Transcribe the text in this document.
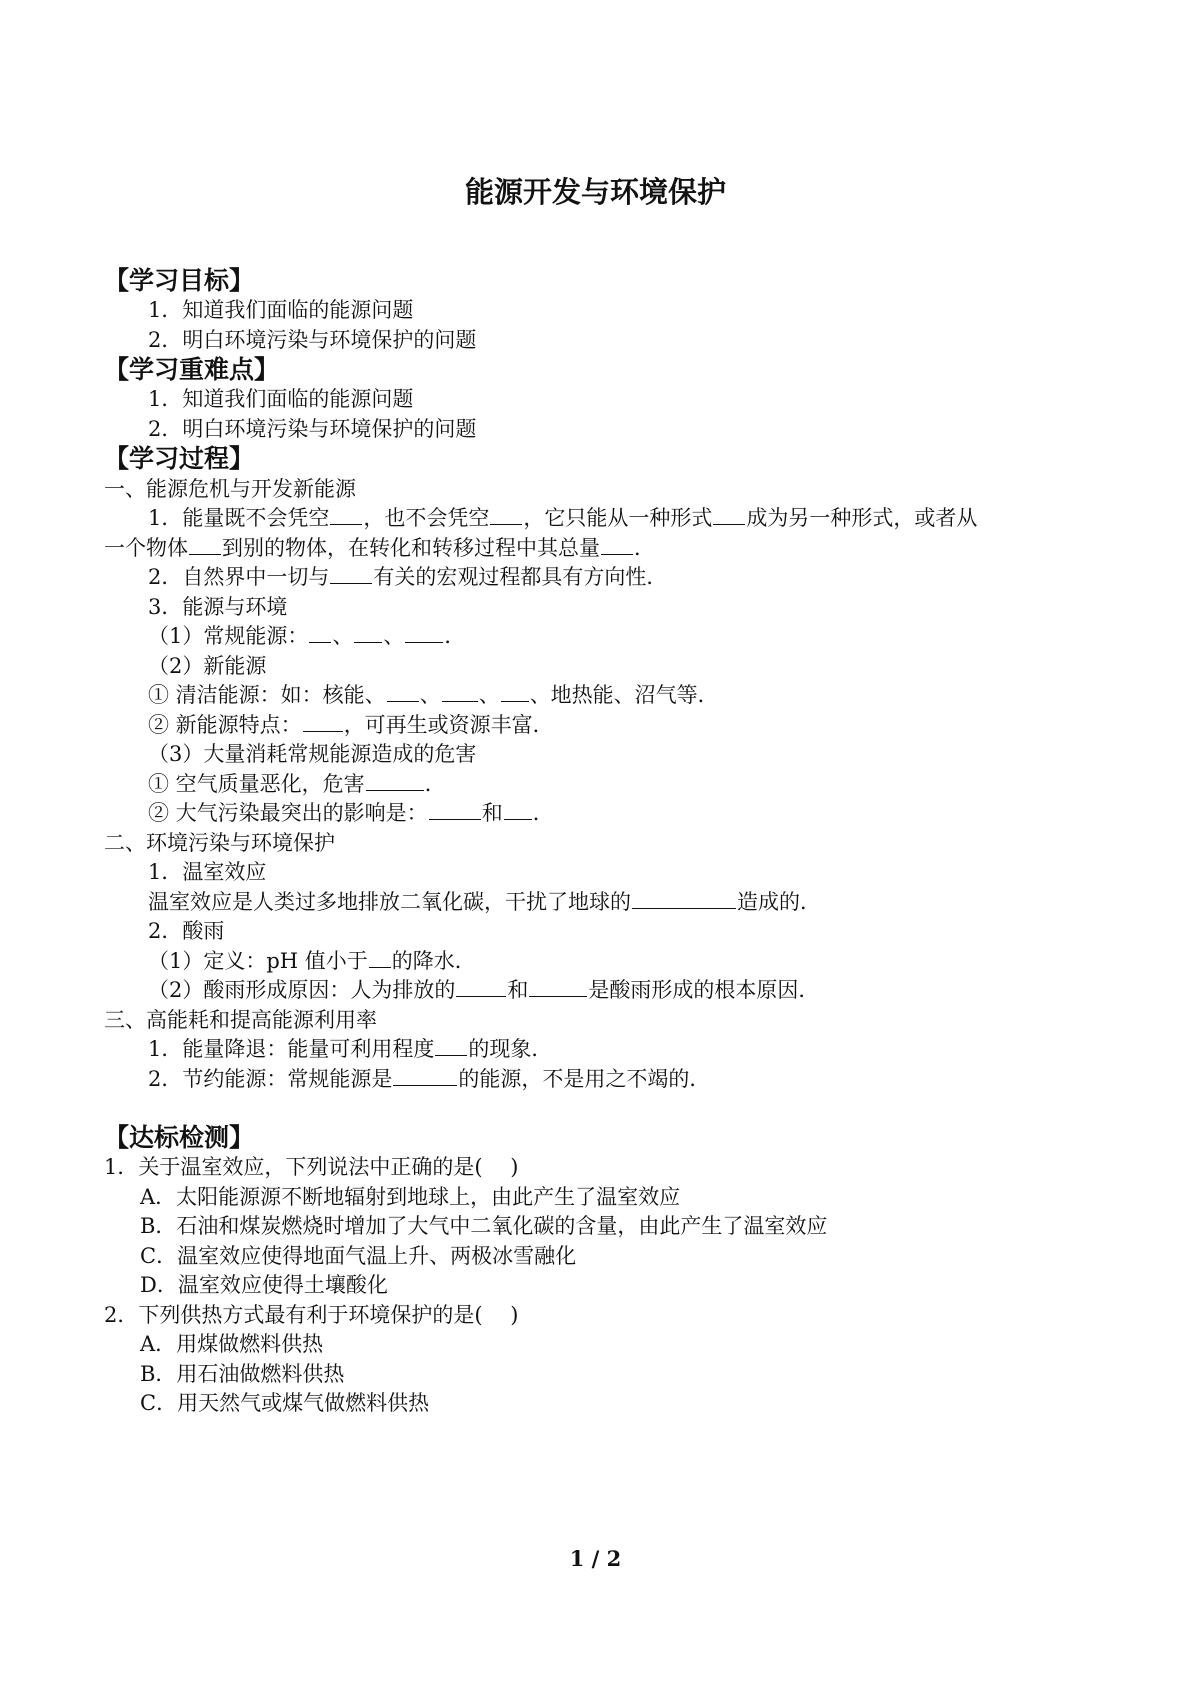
能源开发与环境保护
【学习目标】
1．知道我们面临的能源问题
2．明白环境污染与环境保护的问题
【学习重难点】
1．知道我们面临的能源问题
2．明白环境污染与环境保护的问题
【学习过程】
一、能源危机与开发新能源
1．能量既不会凭空 ，也不会凭空 ，它只能从一种形式 成为另一种形式，或者从
一个物体 到别的物体，在转化和转移过程中其总量 ．
2．自然界中一切与 有关的宏观过程都具有方向性．
3．能源与环境
（1）常规能源： 、 、 ．
（2）新能源
① 清洁能源：如：核能、 、 、 、地热能、沼气等．
② 新能源特点： ，可再生或资源丰富．
（3）大量消耗常规能源造成的危害
① 空气质量恶化，危害	．
② 大气污染最突出的影响是：	和 ．
二、环境污染与环境保护
1．温室效应
温室效应是人类过多地排放二氧化碳，干扰了地球的	造成的．
2．酸雨
（1）定义：pH 值小于 的降水．
（2）酸雨形成原因：人为排放的 和	是酸雨形成的根本原因．
三、高能耗和提高能源利用率
1．能量降退：能量可利用程度 的现象．
2．节约能源：常规能源是	的能源，不是用之不竭的．
【达标检测】
1．关于温室效应，下列说法中正确的是(　 )
A．太阳能源源不断地辐射到地球上，由此产生了温室效应
B．石油和煤炭燃烧时增加了大气中二氧化碳的含量，由此产生了温室效应
C．温室效应使得地面气温上升、两极冰雪融化
D．温室效应使得土壤酸化
2．下列供热方式最有利于环境保护的是(　 )
A．用煤做燃料供热
B．用石油做燃料供热
C．用天然气或煤气做燃料供热
1 / 2
